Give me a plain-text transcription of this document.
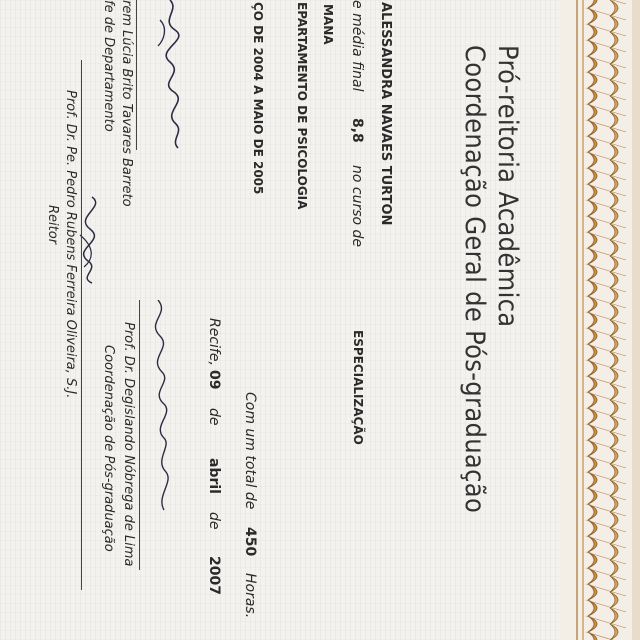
Pró-reitoria Acadêmica
Coordenação Geral de Pós-graduação
ALESSANDRA NAVAES TURTON
e média final
8,8
no curso de
ESPECIALIZAÇÃO
MANA
EPARTAMENTO DE PSICOLOGIA
ÇO DE 2004 A MAIO DE 2005
Com um total de
450
Horas.
Recife,
09
de
abril
de
2007
rem Lúcia Brito Tavares Barreto
fe de Departamento
Prof. Dr. Degislando Nóbrega de Lima
Coordenação de Pós-graduação
Prof. Dr. Pe. Pedro Rubens Ferreira Oliveira, S.J.
Reitor
